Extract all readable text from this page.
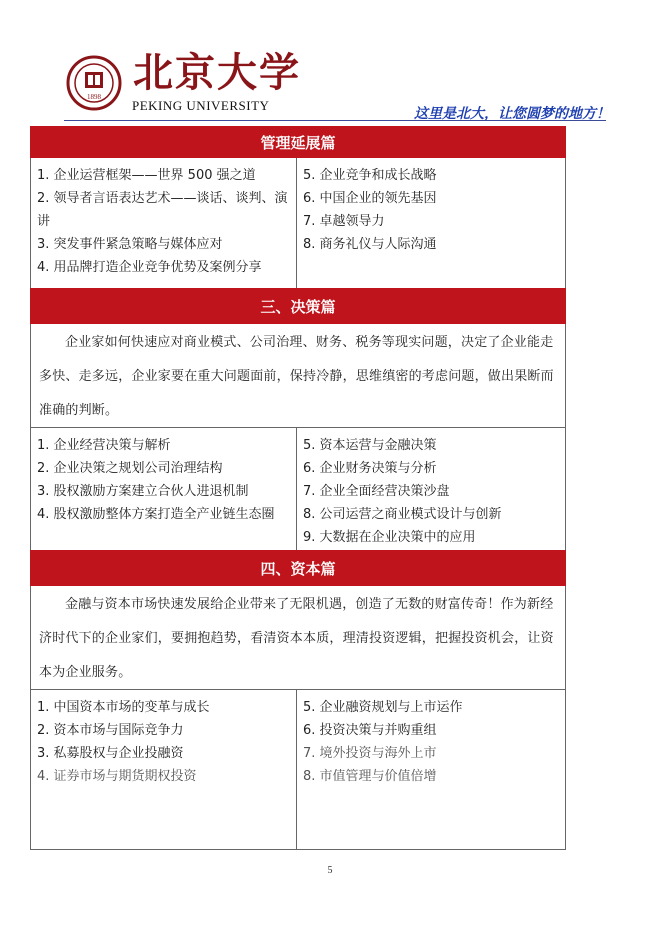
1898
北京大学
PEKING UNIVERSITY
这里是北大，让您圆梦的地方！
管理延展篇
1. 企业运营框架——世界 500 强之道
2. 领导者言语表达艺术——谈话、谈判、演讲
3. 突发事件紧急策略与媒体应对
4. 用品牌打造企业竞争优势及案例分享
5. 企业竞争和成长战略
6. 中国企业的领先基因
7. 卓越领导力
8. 商务礼仪与人际沟通
三、决策篇
企业家如何快速应对商业模式、公司治理、财务、税务等现实问题，决定了企业能走多快、走多远，企业家要在重大问题面前，保持冷静，思维缜密的考虑问题，做出果断而准确的判断。
1. 企业经营决策与解析
2. 企业决策之规划公司治理结构
3. 股权激励方案建立合伙人进退机制
4. 股权激励整体方案打造全产业链生态圈
5. 资本运营与金融决策
6. 企业财务决策与分析
7. 企业全面经营决策沙盘
8. 公司运营之商业模式设计与创新
9. 大数据在企业决策中的应用
四、资本篇
金融与资本市场快速发展给企业带来了无限机遇，创造了无数的财富传奇！作为新经济时代下的企业家们，要拥抱趋势，看清资本本质，理清投资逻辑，把握投资机会，让资本为企业服务。
1. 中国资本市场的变革与成长
2. 资本市场与国际竞争力
3. 私募股权与企业投融资
4. 证券市场与期货期权投资
5. 企业融资规划与上市运作
6. 投资决策与并购重组
7. 境外投资与海外上市
8. 市值管理与价值倍增
5
